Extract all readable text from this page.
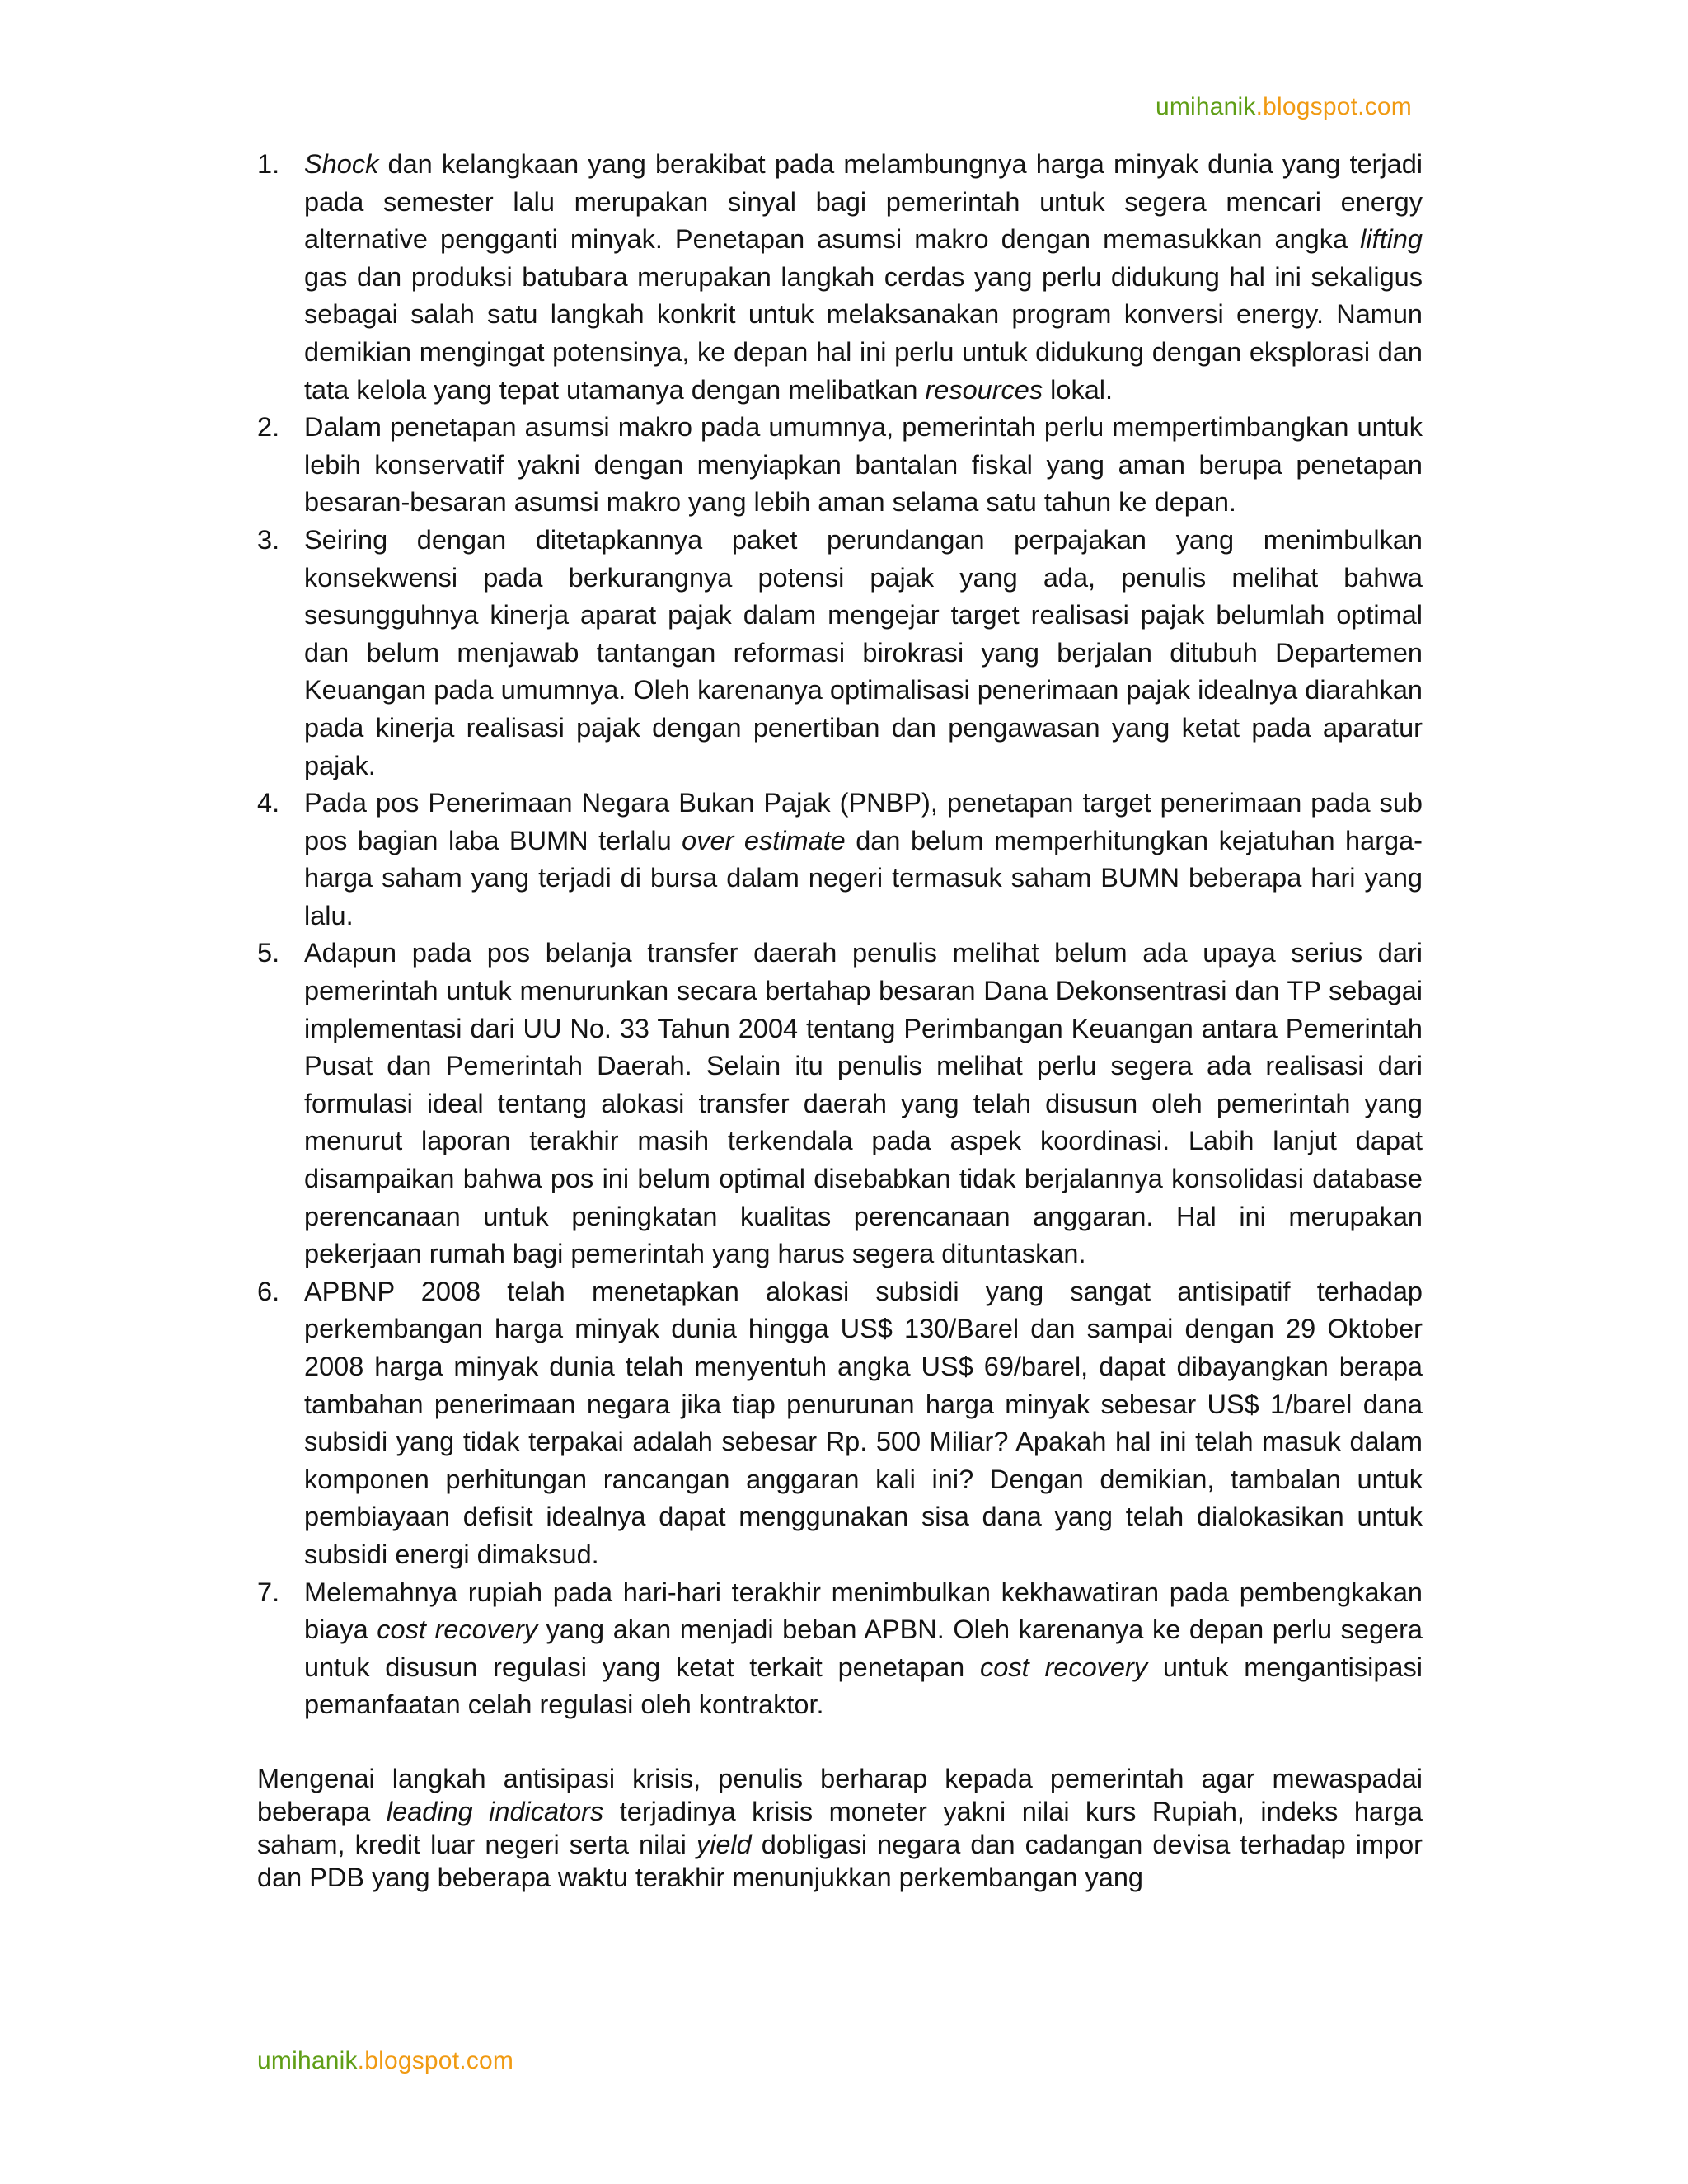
umihanik.blogspot.com
1. Shock dan kelangkaan yang berakibat pada melambungnya harga minyak dunia yang terjadi pada semester lalu merupakan sinyal bagi pemerintah untuk segera mencari energy alternative pengganti minyak. Penetapan asumsi makro dengan memasukkan angka lifting gas dan produksi batubara merupakan langkah cerdas yang perlu didukung hal ini sekaligus sebagai salah satu langkah konkrit untuk melaksanakan program konversi energy. Namun demikian mengingat potensinya, ke depan hal ini perlu untuk didukung dengan eksplorasi dan tata kelola yang tepat utamanya dengan melibatkan resources lokal.
2. Dalam penetapan asumsi makro pada umumnya, pemerintah perlu mempertimbangkan untuk lebih konservatif yakni dengan menyiapkan bantalan fiskal yang aman berupa penetapan besaran-besaran asumsi makro yang lebih aman selama satu tahun ke depan.
3. Seiring dengan ditetapkannya paket perundangan perpajakan yang menimbulkan konsekwensi pada berkurangnya potensi pajak yang ada, penulis melihat bahwa sesungguhnya kinerja aparat pajak dalam mengejar target realisasi pajak belumlah optimal dan belum menjawab tantangan reformasi birokrasi yang berjalan ditubuh Departemen Keuangan pada umumnya. Oleh karenanya optimalisasi penerimaan pajak idealnya diarahkan pada kinerja realisasi pajak dengan penertiban dan pengawasan yang ketat pada aparatur pajak.
4. Pada pos Penerimaan Negara Bukan Pajak (PNBP), penetapan target penerimaan pada sub pos bagian laba BUMN terlalu over estimate dan belum memperhitungkan kejatuhan harga-harga saham yang terjadi di bursa dalam negeri termasuk saham BUMN beberapa hari yang lalu.
5. Adapun pada pos belanja transfer daerah penulis melihat belum ada upaya serius dari pemerintah untuk menurunkan secara bertahap besaran Dana Dekonsentrasi dan TP sebagai implementasi dari UU No. 33 Tahun 2004 tentang Perimbangan Keuangan antara Pemerintah Pusat dan Pemerintah Daerah. Selain itu penulis melihat perlu segera ada realisasi dari formulasi ideal tentang alokasi transfer daerah yang telah disusun oleh pemerintah yang menurut laporan terakhir masih terkendala pada aspek koordinasi. Labih lanjut dapat disampaikan bahwa pos ini belum optimal disebabkan tidak berjalannya konsolidasi database perencanaan untuk peningkatan kualitas perencanaan anggaran. Hal ini merupakan pekerjaan rumah bagi pemerintah yang harus segera dituntaskan.
6. APBNP 2008 telah menetapkan alokasi subsidi yang sangat antisipatif terhadap perkembangan harga minyak dunia hingga US$ 130/Barel dan sampai dengan 29 Oktober 2008 harga minyak dunia telah menyentuh angka US$ 69/barel, dapat dibayangkan berapa tambahan penerimaan negara jika tiap penurunan harga minyak sebesar US$ 1/barel dana subsidi yang tidak terpakai adalah sebesar Rp. 500 Miliar? Apakah hal ini telah masuk dalam komponen perhitungan rancangan anggaran kali ini? Dengan demikian, tambalan untuk pembiayaan defisit idealnya dapat menggunakan sisa dana yang telah dialokasikan untuk subsidi energi dimaksud.
7. Melemahnya rupiah pada hari-hari terakhir menimbulkan kekhawatiran pada pembengkakan biaya cost recovery yang akan menjadi beban APBN. Oleh karenanya ke depan perlu segera untuk disusun regulasi yang ketat terkait penetapan cost recovery untuk mengantisipasi pemanfaatan celah regulasi oleh kontraktor.

Mengenai langkah antisipasi krisis, penulis berharap kepada pemerintah agar mewaspadai beberapa leading indicators terjadinya krisis moneter yakni nilai kurs Rupiah, indeks harga saham, kredit luar negeri serta nilai yield dobligasi negara dan cadangan devisa terhadap impor dan PDB yang beberapa waktu terakhir menunjukkan perkembangan yang

umihanik.blogspot.com
